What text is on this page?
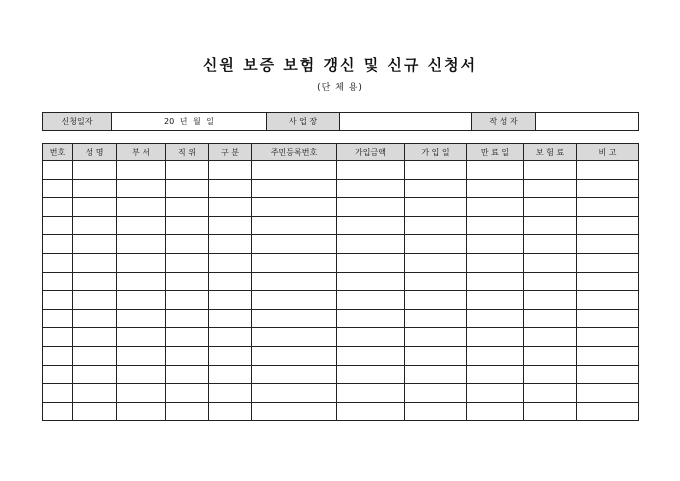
신원 보증 보험 갱신 및 신규 신청서
(단 체 용)
신청일자	20 년 월 일	사 업 장		작 성 자	
번호	성 명	부 서	직 위	구 분	주민등록번호	가입금액	가 입 일	만 료 일	보 험 료	비 고
